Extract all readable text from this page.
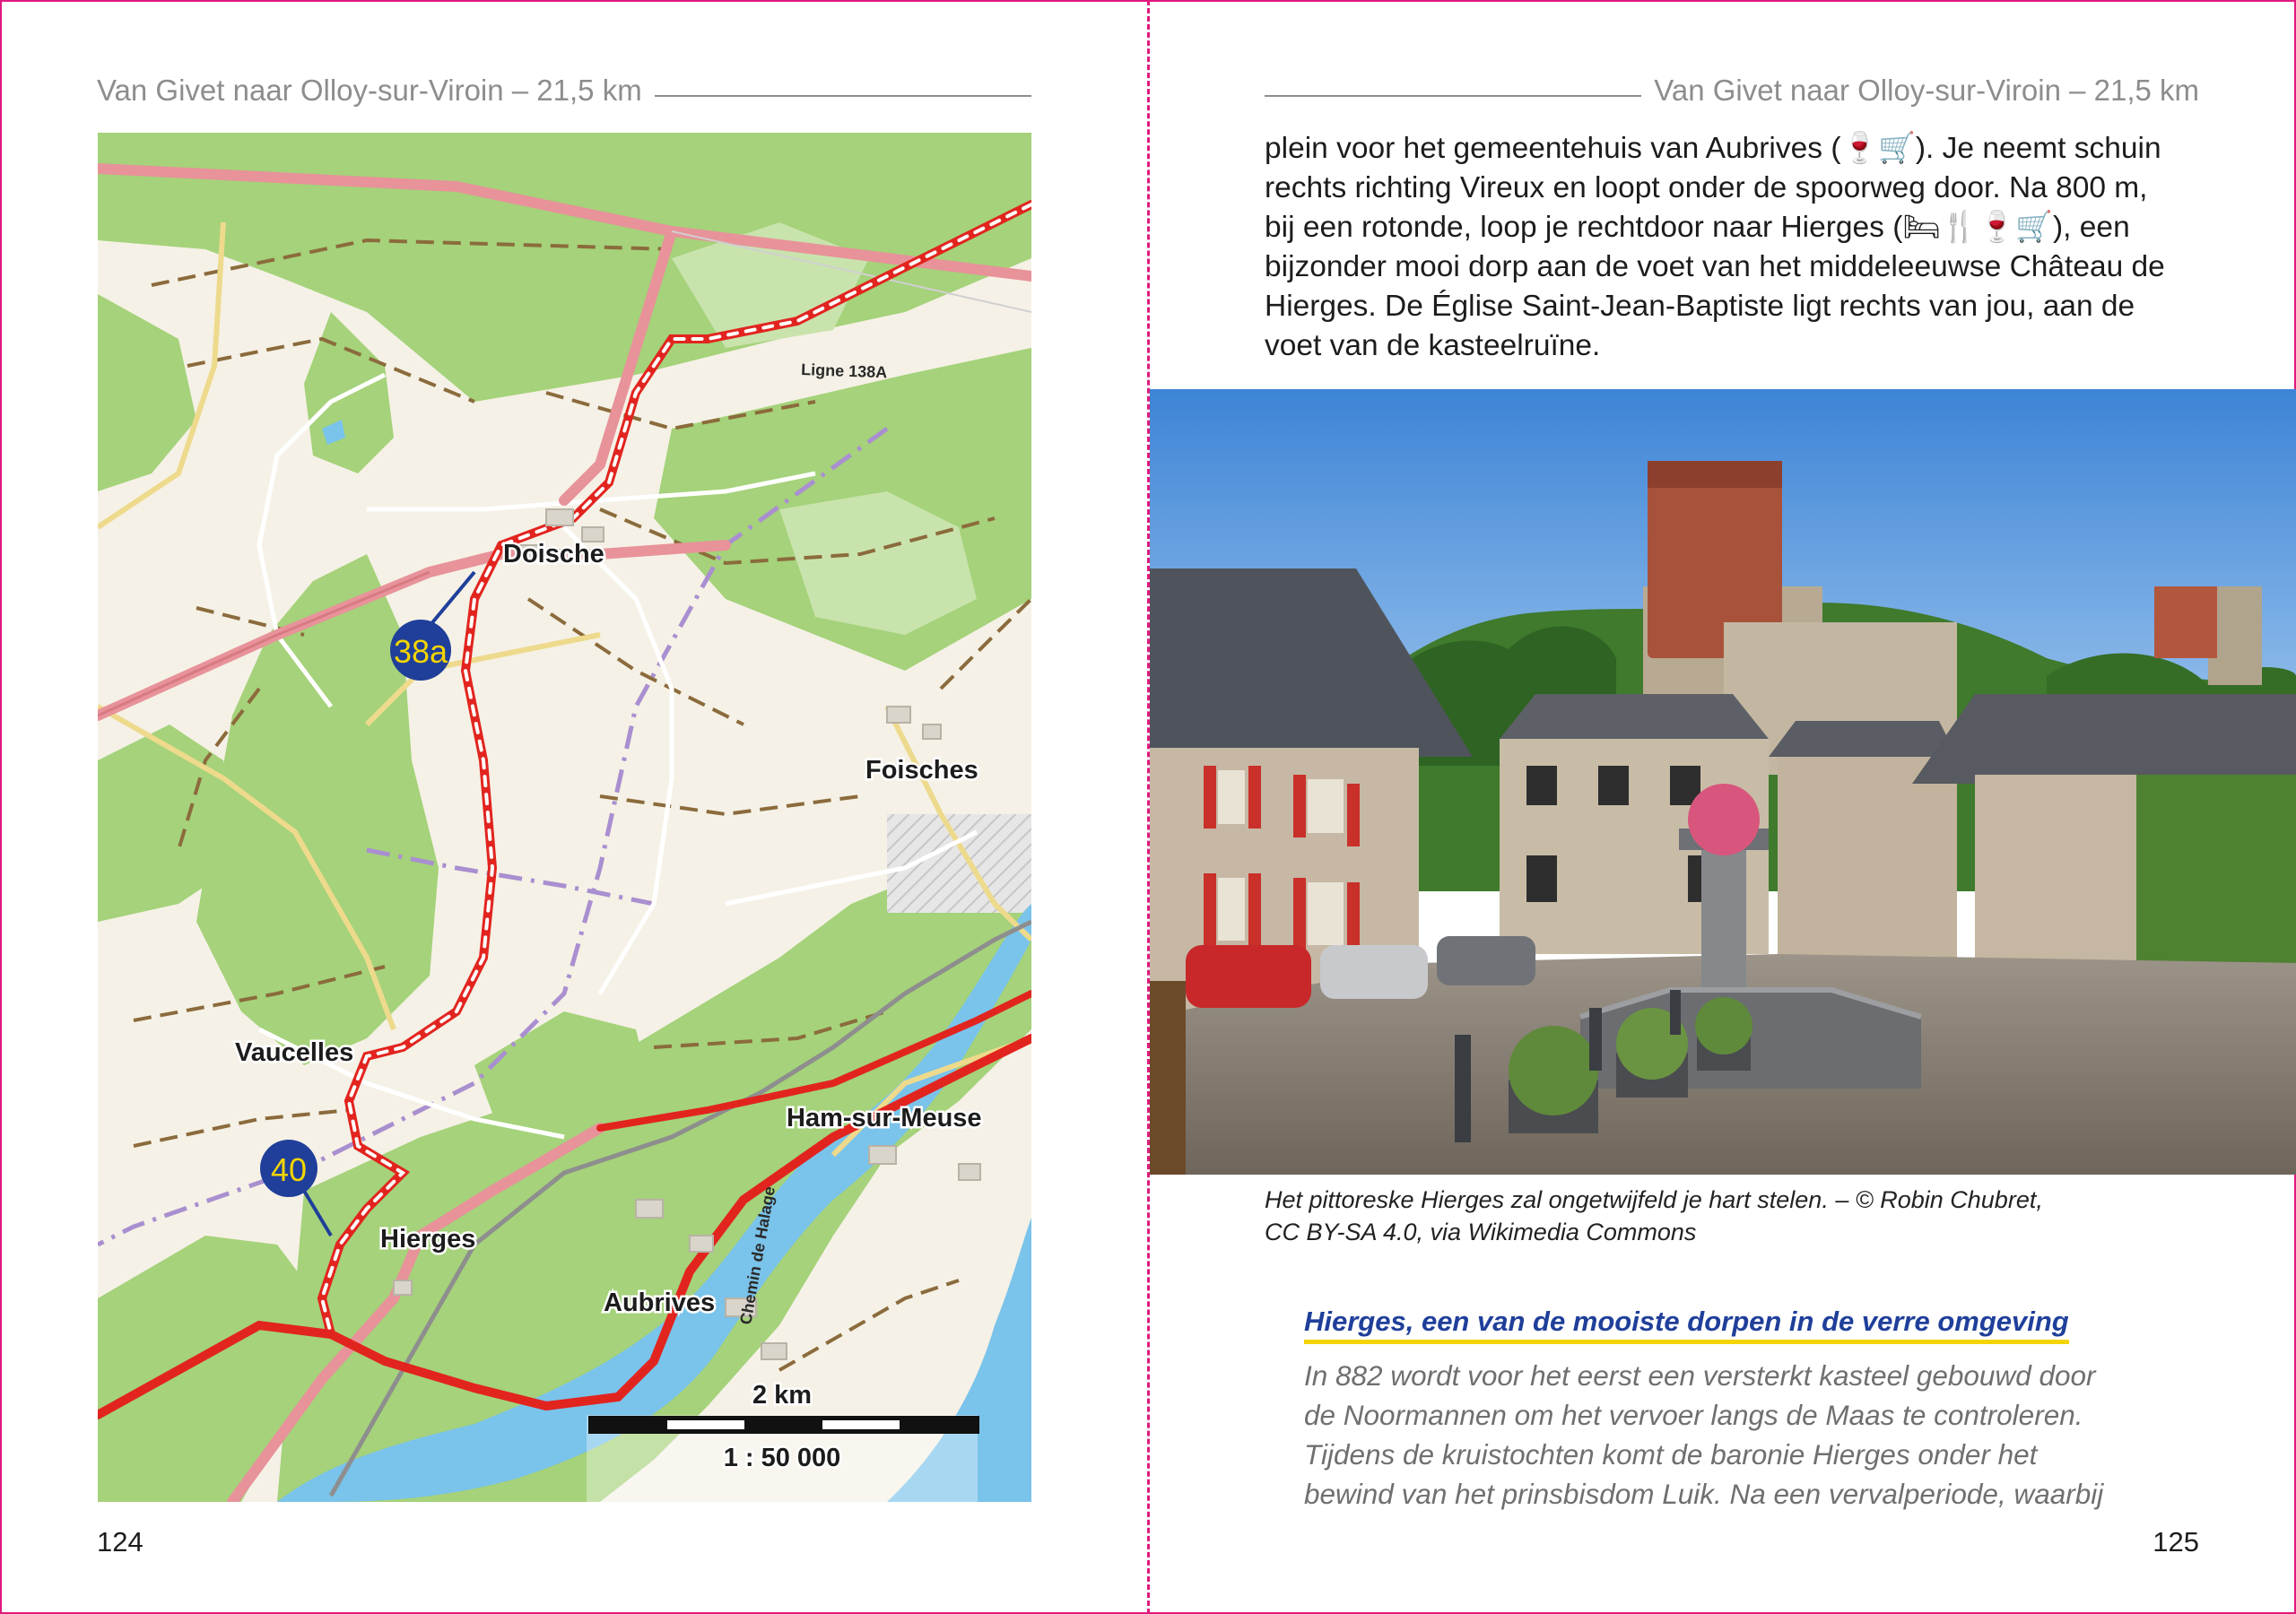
Van Givet naar Olloy-sur-Viroin – 21,5 km
38a
40
Doische
Foisches
Vaucelles
Ham-sur-Meuse
Hierges
Aubrives
Ligne 138A
Chemin de Halage
2 km
1 : 50 000
124
Van Givet naar Olloy-sur-Viroin – 21,5 km

plein voor het gemeentehuis van Aubrives (🍷🛒). Je neemt schuin
rechts richting Vireux en loopt onder de spoorweg door. Na 800 m,
bij een rotonde, loop je rechtdoor naar Hierges (🛏🍴🍷🛒), een
bijzonder mooi dorp aan de voet van het middeleeuwse Château de
Hierges. De Église Saint-Jean-Baptiste ligt rechts van jou, aan de
voet van de kasteelruïne.

Het pittoreske Hierges zal ongetwijfeld je hart stelen. – © Robin Chubret,
CC BY-SA 4.0, via Wikimedia Commons

Hierges, een van de mooiste dorpen in de verre omgeving

In 882 wordt voor het eerst een versterkt kasteel gebouwd door
de Noormannen om het vervoer langs de Maas te controleren.
Tijdens de kruistochten komt de baronie Hierges onder het
bewind van het prinsbisdom Luik. Na een vervalperiode, waarbij

125
